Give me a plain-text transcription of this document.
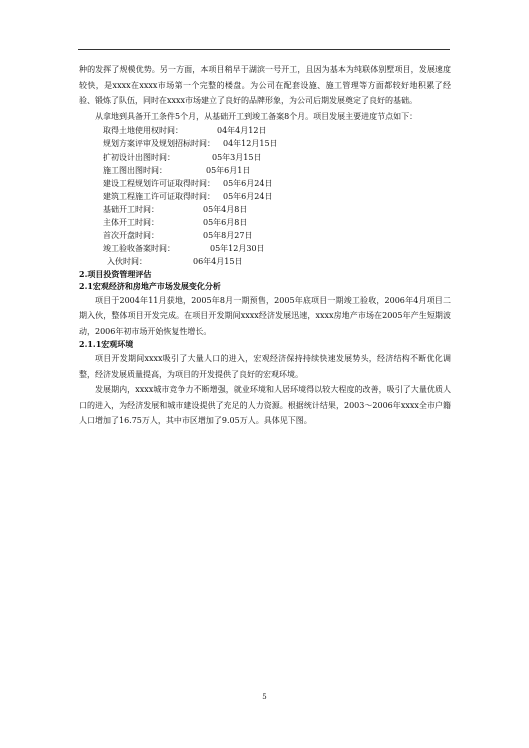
种的发挥了规模优势。另一方面，本项目稍早于湖滨一号开工，且因为基本为纯联体别墅项目，发展速度较快，是xxxx在xxxx市场第一个完整的楼盘。为公司在配套设施、施工管理等方面都较好地积累了经验、锻炼了队伍，同时在xxxx市场建立了良好的品牌形象，为公司后期发展奠定了良好的基础。

从拿地到具备开工条件5个月，从基础开工到竣工备案8个月。项目发展主要进度节点如下：

取得土地使用权时间：	04年4月12日
规划方案评审及规划招标时间： 04年12月15日
扩初设计出图时间：	05年3月15日
施工图出图时间：	05年6月1日
建设工程规划许可证取得时间： 05年6月24日
建筑工程施工许可证取得时间： 05年6月24日
基础开工时间：	05年4月8日
主体开工时间：	05年6月8日
首次开盘时间：	05年8月27日
竣工验收备案时间：	05年12月30日
入伙时间：	06年4月15日

2.项目投资管理评估

2.1宏观经济和房地产市场发展变化分析

项目于2004年11月获地，2005年8月一期预售，2005年底项目一期竣工验收，2006年4月项目二期入伙，整体项目开发完成。在项目开发期间xxxx经济发展迅速，xxxx房地产市场在2005年产生短期波动，2006年初市场开始恢复性增长。

2.1.1宏观环境

项目开发期间xxxx吸引了大量人口的进入，宏观经济保持持续快速发展势头，经济结构不断优化调整，经济发展质量提高，为项目的开发提供了良好的宏观环境。

发展期内，xxxx城市竞争力不断增强，就业环境和人居环境得以较大程度的改善，吸引了大量优质人口的进入，为经济发展和城市建设提供了充足的人力资源。根据统计结果，2003～2006年xxxx全市户籍人口增加了16.75万人，其中市区增加了9.05万人。具体见下图。

5
